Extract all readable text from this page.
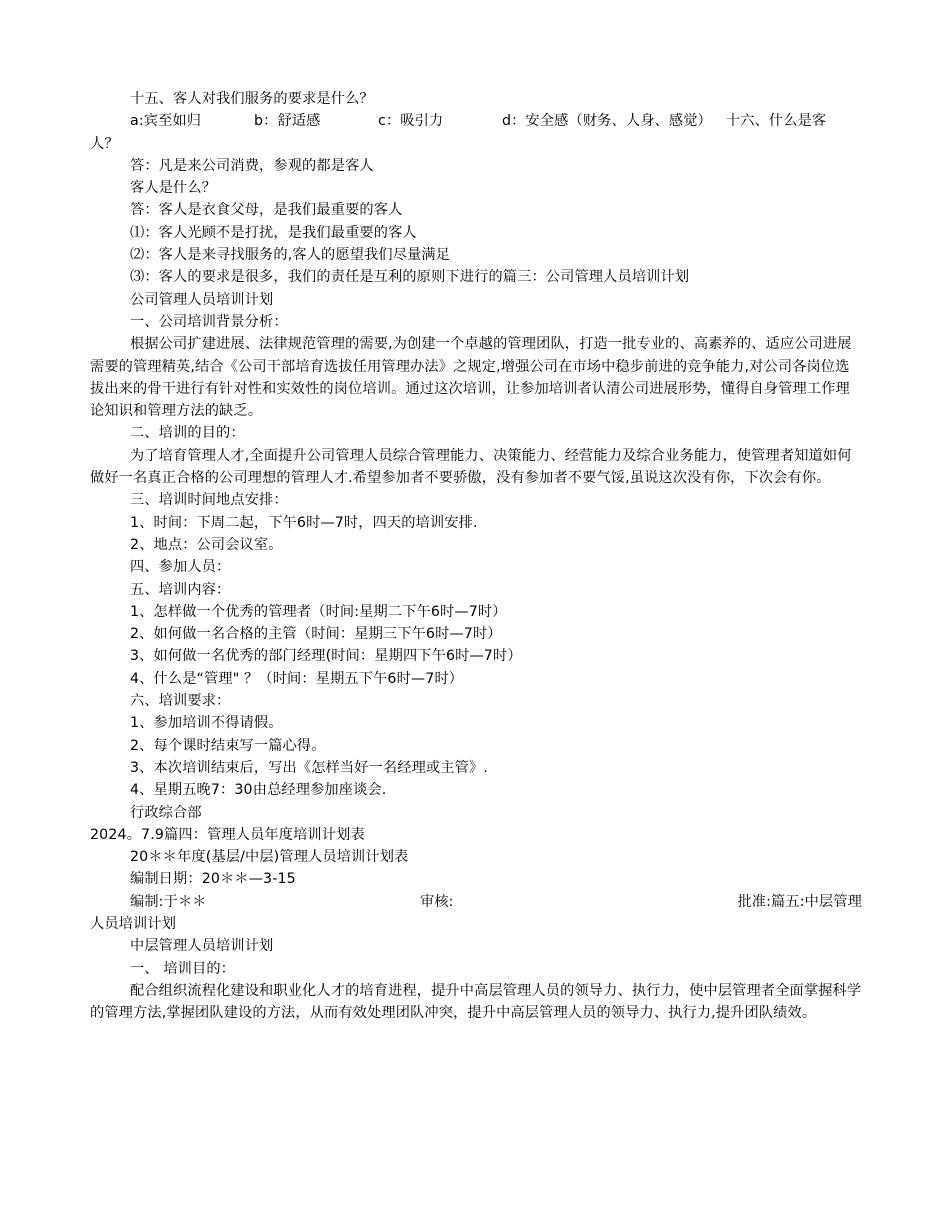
十五、客人对我们服务的要求是什么？

a:宾至如归	b：舒适感	c：吸引力	d：安全感（财务、人身、感觉） 十六、什么是客

人？

答：凡是来公司消费，参观的都是客人

客人是什么？

答：客人是衣食父母，是我们最重要的客人

⑴：客人光顾不是打扰，是我们最重要的客人

⑵：客人是来寻找服务的,客人的愿望我们尽量满足

⑶：客人的要求是很多，我们的责任是互利的原则下进行的篇三：公司管理人员培训计划

公司管理人员培训计划

一、公司培训背景分析：

根据公司扩建进展、法律规范管理的需要,为创建一个卓越的管理团队，打造一批专业的、高素养的、适应公司进展需要的管理精英,结合《公司干部培育选拔任用管理办法》之规定,增强公司在市场中稳步前进的竞争能力,对公司各岗位选拔出来的骨干进行有针对性和实效性的岗位培训。通过这次培训，让参加培训者认清公司进展形势，懂得自身管理工作理论知识和管理方法的缺乏。

二、培训的目的：

为了培育管理人才,全面提升公司管理人员综合管理能力、决策能力、经营能力及综合业务能力，使管理者知道如何做好一名真正合格的公司理想的管理人才.希望参加者不要骄傲，没有参加者不要气馁,虽说这次没有你，下次会有你。

三、培训时间地点安排：

1、时间：下周二起，下午6时—7时，四天的培训安排.

2、地点：公司会议室。

四、参加人员：

五、培训内容：

1、怎样做一个优秀的管理者（时间:星期二下午6时—7时）

2、如何做一名合格的主管（时间：星期三下午6时—7时）

3、如何做一名优秀的部门经理(时间：星期四下午6时—7时）

4、什么是“管理" ？（时间：星期五下午6时—7时）

六、培训要求：

1、参加培训不得请假。

2、每个课时结束写一篇心得。

3、本次培训结束后，写出《怎样当好一名经理或主管》.

4、星期五晚7：30由总经理参加座谈会.

行政综合部

2024。7.9篇四：管理人员年度培训计划表

20＊＊年度(基层/中层)管理人员培训计划表

编制日期：20＊＊—3-15

编制:于＊＊	审核:	批准:篇五:中层管理

人员培训计划

中层管理人员培训计划

一、 培训目的：

配合组织流程化建设和职业化人才的培育进程，提升中高层管理人员的领导力、执行力，使中层管理者全面掌握科学的管理方法,掌握团队建设的方法，从而有效处理团队冲突，提升中高层管理人员的领导力、执行力,提升团队绩效。
